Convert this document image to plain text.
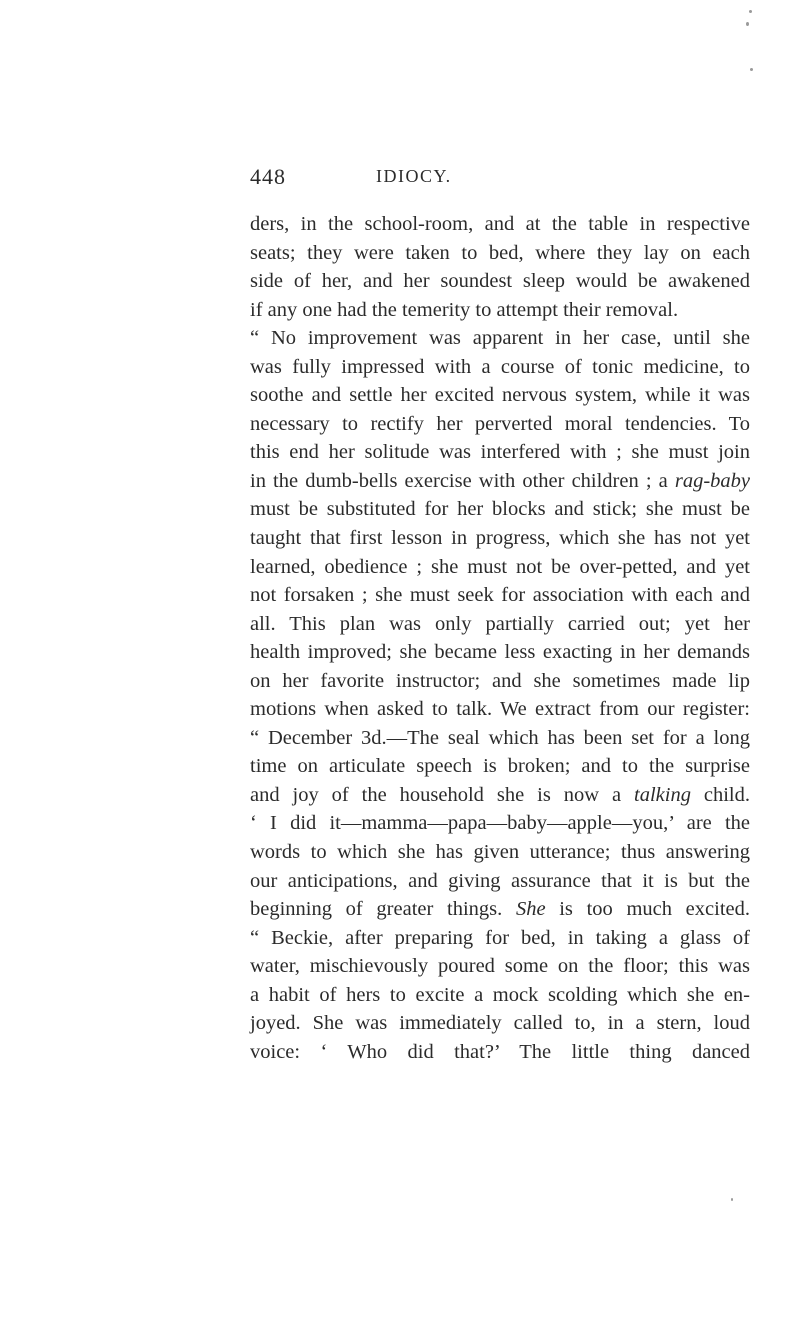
448	IDIOCY.
ders, in the school-room, and at the table in respective
seats; they were taken to bed, where they lay on each
side of her, and her soundest sleep would be awakened
if any one had the temerity to attempt their removal.
“ No improvement was apparent in her case, until she
was fully impressed with a course of tonic medicine, to
soothe and settle her excited nervous system, while it was
necessary to rectify her perverted moral tendencies. To
this end her solitude was interfered with ; she must join
in the dumb-bells exercise with other children ; a rag-baby
must be substituted for her blocks and stick; she must be
taught that first lesson in progress, which she has not yet
learned, obedience ; she must not be over-petted, and yet
not forsaken ; she must seek for association with each and
all. This plan was only partially carried out; yet her
health improved; she became less exacting in her demands
on her favorite instructor; and she sometimes made lip
motions when asked to talk. We extract from our register:
“ December 3d.—The seal which has been set for a long
time on articulate speech is broken; and to the surprise
and joy of the household she is now a talking child.
‘ I did it—mamma—papa—baby—apple—you,’ are the
words to which she has given utterance; thus answering
our anticipations, and giving assurance that it is but the
beginning of greater things. She is too much excited.
“ Beckie, after preparing for bed, in taking a glass of
water, mischievously poured some on the floor; this was
a habit of hers to excite a mock scolding which she en-
joyed. She was immediately called to, in a stern, loud
voice: ‘ Who did that?’ The little thing danced
